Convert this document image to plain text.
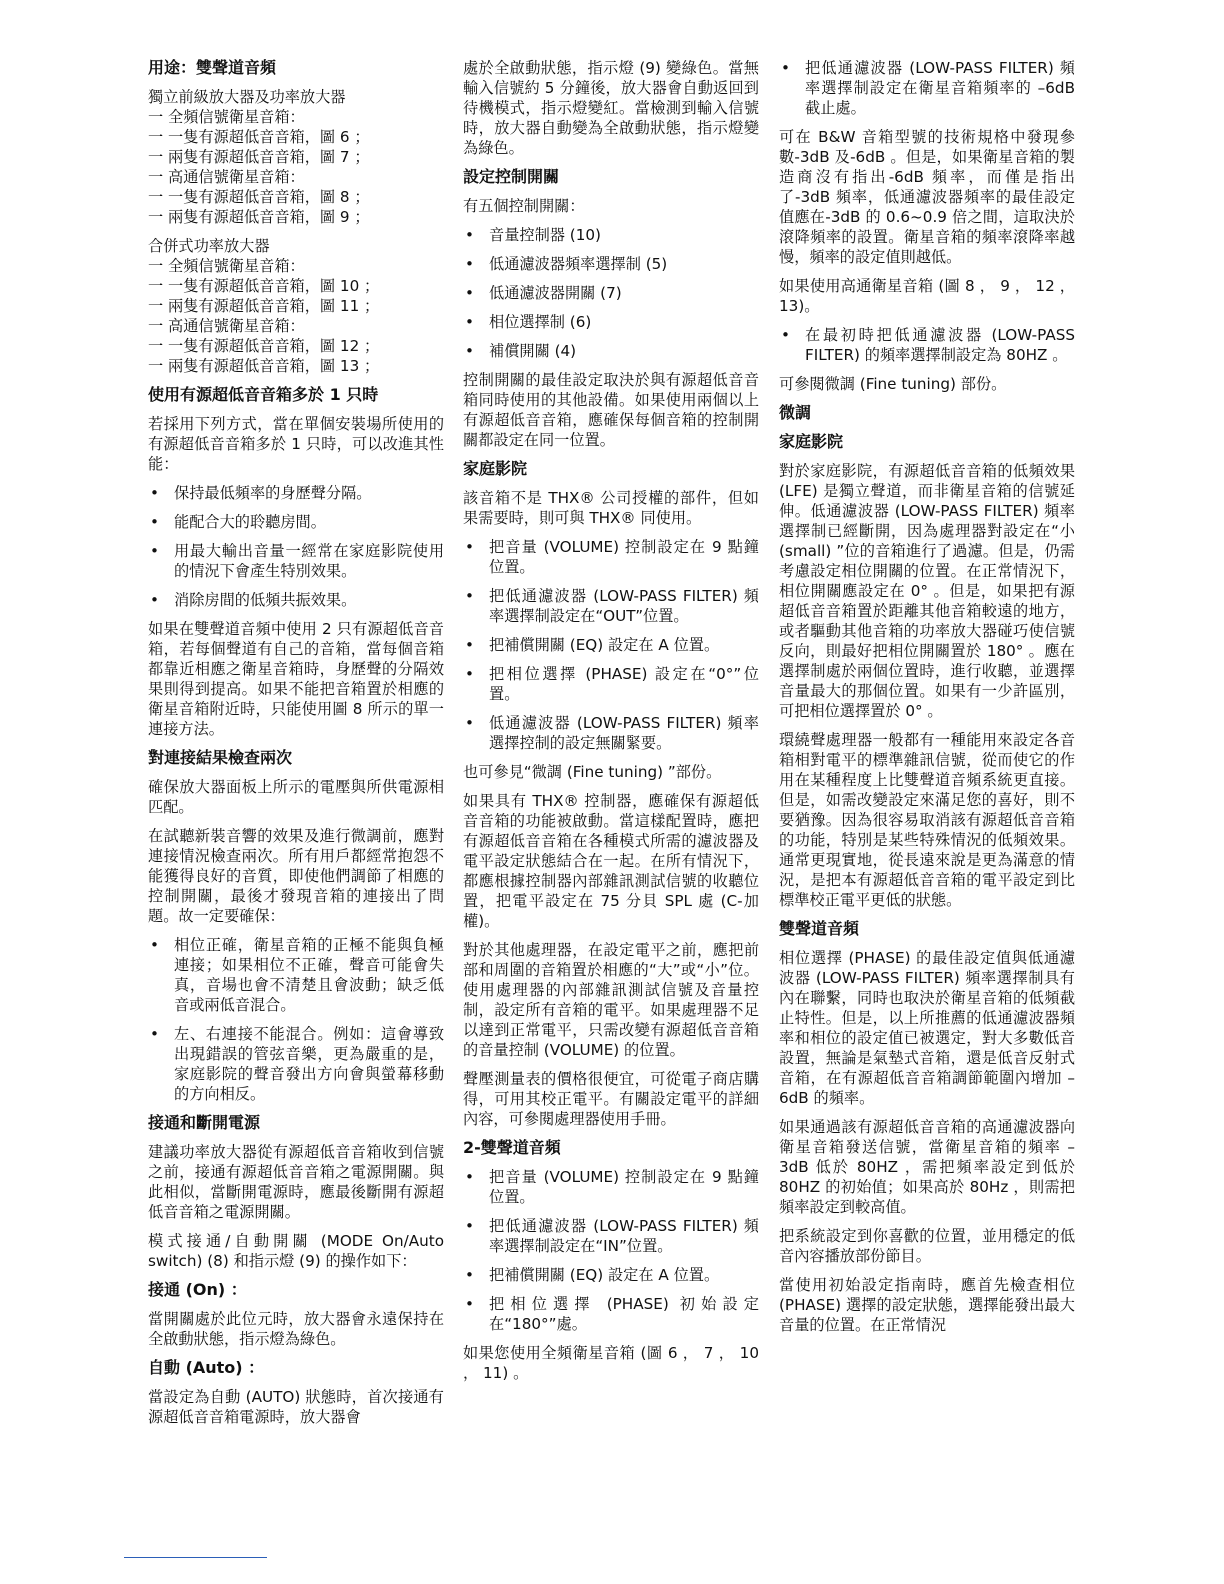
用途：雙聲道音頻
獨立前級放大器及功率放大器
一 全頻信號衛星音箱：
一 一隻有源超低音音箱，圖 6 ；
一 兩隻有源超低音音箱，圖 7 ；
一 高通信號衛星音箱：
一 一隻有源超低音音箱，圖 8 ；
一 兩隻有源超低音音箱，圖 9 ；
合併式功率放大器
一 全頻信號衛星音箱：
一 一隻有源超低音音箱，圖 10 ；
一 兩隻有源超低音音箱，圖 11 ；
一 高通信號衛星音箱：
一 一隻有源超低音音箱，圖 12 ；
一 兩隻有源超低音音箱，圖 13 ；
使用有源超低音音箱多於 1 只時
若採用下列方式，當在單個安裝場所使用的有源超低音音箱多於 1 只時，可以改進其性能：
• 保持最低頻率的身歷聲分隔。
• 能配合大的聆聽房間。
• 用最大輸出音量一經常在家庭影院使用的情況下會產生特別效果。
• 消除房間的低頻共振效果。
如果在雙聲道音頻中使用 2 只有源超低音音箱，若每個聲道有自己的音箱，當每個音箱都靠近相應之衛星音箱時，身歷聲的分隔效果則得到提高。如果不能把音箱置於相應的衛星音箱附近時，只能使用圖 8 所示的單一連接方法。
對連接結果檢查兩次
確保放大器面板上所示的電壓與所供電源相匹配。
在試聽新裝音響的效果及進行微調前，應對連接情況檢查兩次。所有用戶都經常抱怨不能獲得良好的音質，即使他們調節了相應的控制開關，最後才發現音箱的連接出了問題。故一定要確保：
• 相位正確，衛星音箱的正極不能與負極連接；如果相位不正確，聲音可能會失真，音場也會不清楚且會波動；缺乏低音或兩低音混合。
• 左、右連接不能混合。例如：這會導致出現錯誤的管弦音樂，更為嚴重的是，家庭影院的聲音發出方向會與螢幕移動的方向相反。
接通和斷開電源
建議功率放大器從有源超低音音箱收到信號之前，接通有源超低音音箱之電源開關。與此相似，當斷開電源時，應最後斷開有源超低音音箱之電源開關。
模式接通/自動開關 (MODE On/Auto switch) (8) 和指示燈 (9) 的操作如下：
接通 (On) ：
當開關處於此位元時，放大器會永遠保持在全啟動狀態，指示燈為綠色。
自動 (Auto) ：
當設定為自動 (AUTO) 狀態時，首次接通有源超低音音箱電源時，放大器會
處於全啟動狀態，指示燈 (9) 變綠色。當無輸入信號約 5 分鐘後，放大器會自動返回到待機模式，指示燈變紅。當檢測到輸入信號時，放大器自動變為全啟動狀態，指示燈變為綠色。
設定控制開關
有五個控制開關：
• 音量控制器 (10)
• 低通濾波器頻率選擇制 (5)
• 低通濾波器開關 (7)
• 相位選擇制 (6)
• 補償開關 (4)
控制開關的最佳設定取決於與有源超低音音箱同時使用的其他設備。如果使用兩個以上有源超低音音箱，應確保每個音箱的控制開關都設定在同一位置。
家庭影院
該音箱不是 THX® 公司授權的部件，但如果需要時，則可與 THX® 同使用。
• 把音量 (VOLUME) 控制設定在 9 點鐘位置。
• 把低通濾波器 (LOW-PASS FILTER) 頻率選擇制設定在“OUT”位置。
• 把補償開關 (EQ) 設定在 A 位置。
• 把相位選擇 (PHASE) 設定在“0°”位置。
• 低通濾波器 (LOW-PASS FILTER) 頻率選擇控制的設定無關緊要。
也可參見“微調 (Fine tuning) ”部份。
如果具有 THX® 控制器，應確保有源超低音音箱的功能被啟動。當這樣配置時，應把有源超低音音箱在各種模式所需的濾波器及電平設定狀態結合在一起。在所有情況下，都應根據控制器內部雜訊測試信號的收聽位置，把電平設定在 75 分貝 SPL 處 (C-加權)。
對於其他處理器，在設定電平之前，應把前部和周圍的音箱置於相應的“大”或“小”位。使用處理器的內部雜訊測試信號及音量控制，設定所有音箱的電平。如果處理器不足以達到正常電平，只需改變有源超低音音箱的音量控制 (VOLUME) 的位置。
聲壓測量表的價格很便宜，可從電子商店購得，可用其校正電平。有關設定電平的詳細內容，可參閱處理器使用手冊。
2-雙聲道音頻
• 把音量 (VOLUME) 控制設定在 9 點鐘位置。
• 把低通濾波器 (LOW-PASS FILTER) 頻率選擇制設定在“IN”位置。
• 把補償開關 (EQ) 設定在 A 位置。
• 把相位選擇 (PHASE) 初始設定在“180°”處。
如果您使用全頻衛星音箱 (圖 6 ， 7 ， 10 ， 11) 。
• 把低通濾波器 (LOW-PASS FILTER) 頻率選擇制設定在衛星音箱頻率的 –6dB 截止處。
可在 B&W 音箱型號的技術規格中發現參數-3dB 及-6dB 。但是，如果衛星音箱的製造商沒有指出-6dB 頻率，而僅是指出了-3dB 頻率，低通濾波器頻率的最佳設定值應在-3dB 的 0.6~0.9 倍之間，這取決於滾降頻率的設置。衛星音箱的頻率滾降率越慢，頻率的設定值則越低。
如果使用高通衛星音箱 (圖 8 ， 9 ， 12 ， 13)。
• 在最初時把低通濾波器 (LOW-PASS FILTER) 的頻率選擇制設定為 80HZ 。
可參閱微調 (Fine tuning) 部份。
微調
家庭影院
對於家庭影院，有源超低音音箱的低頻效果 (LFE) 是獨立聲道，而非衛星音箱的信號延伸。低通濾波器 (LOW-PASS FILTER) 頻率選擇制已經斷開，因為處理器對設定在“小 (small) ”位的音箱進行了過濾。但是，仍需考慮設定相位開關的位置。在正常情況下，相位開關應設定在 0° 。但是，如果把有源超低音音箱置於距離其他音箱較遠的地方，或者驅動其他音箱的功率放大器碰巧使信號反向，則最好把相位開關置於 180° 。應在選擇制處於兩個位置時，進行收聽，並選擇音量最大的那個位置。如果有一少許區別，可把相位選擇置於 0° 。
環繞聲處理器一般都有一種能用來設定各音箱相對電平的標準雜訊信號，從而使它的作用在某種程度上比雙聲道音頻系統更直接。但是，如需改變設定來滿足您的喜好，則不要猶豫。因為很容易取消該有源超低音音箱的功能，特別是某些特殊情況的低頻效果。通常更現實地，從長遠來說是更為滿意的情況，是把本有源超低音音箱的電平設定到比標準校正電平更低的狀態。
雙聲道音頻
相位選擇 (PHASE) 的最佳設定值與低通濾波器 (LOW-PASS FILTER) 頻率選擇制具有內在聯繫，同時也取決於衛星音箱的低頻截止特性。但是，以上所推薦的低通濾波器頻率和相位的設定值已被選定，對大多數低音設置，無論是氣墊式音箱，還是低音反射式音箱，在有源超低音音箱調節範圍內增加 – 6dB 的頻率。
如果通過該有源超低音音箱的高通濾波器向衛星音箱發送信號，當衛星音箱的頻率 –3dB 低於 80HZ ，需把頻率設定到低於 80HZ 的初始值；如果高於 80Hz ，則需把頻率設定到較高值。
把系統設定到你喜歡的位置，並用穩定的低音內容播放部份節目。
當使用初始設定指南時，應首先檢查相位 (PHASE) 選擇的設定狀態，選擇能發出最大音量的位置。在正常情況
